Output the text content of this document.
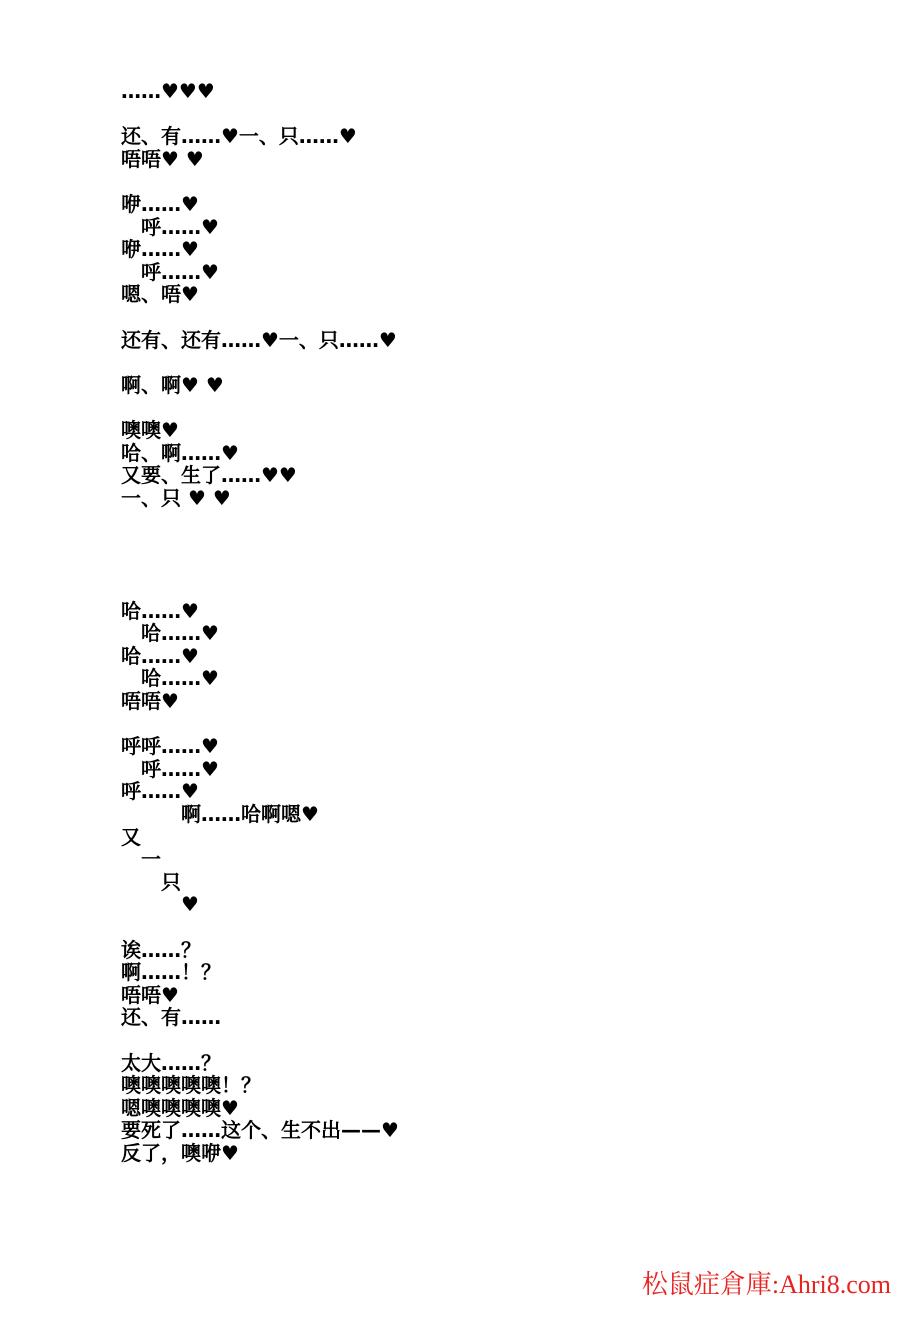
……♥♥♥

还、有……♥一、只……♥
唔唔♥ ♥

咿……♥
　呼……♥
咿……♥
　呼……♥
嗯、唔♥

还有、还有……♥一、只……♥

啊、啊♥ ♥

噢噢♥
哈、啊……♥
又要、生了……♥♥
一、只 ♥ ♥

哈……♥
　哈……♥
哈……♥
　哈……♥
唔唔♥

呼呼……♥
　呼……♥
呼……♥
　　　啊……哈啊嗯♥
又
　一
　　只
　　　♥

诶……？
啊……！？
唔唔♥
还、有……

太大……？
噢噢噢噢噢！？
嗯噢噢噢噢♥
要死了……这个、生不出——♥
反了，噢咿♥

松鼠症倉庫:Ahri8.com
